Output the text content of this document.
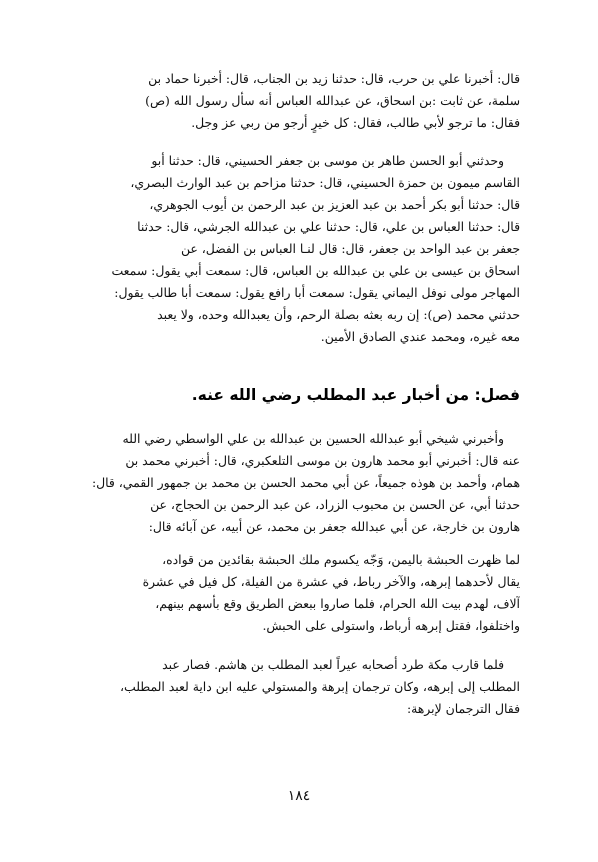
قال: أخبرنا علي بن حرب، قال: حدثنا زيد بن الجناب، قال: أخبرنا حماد بن
سلمة، عن ثابت :بن اسحاق، عن عبدالله العباس أنه سأل رسول الله (ص)
فقال: ما ترجو لأبي طالب، فقال: كل خيرٍ أرجو من ربي عز وجل.
وحدثني أبو الحسن طاهر بن موسى بن جعفر الحسيني، قال: حدثنا أبو
القاسم ميمون بن حمزة الحسيني، قال: حدثنا مزاحم بن عبد الوارث البصري،
قال: حدثنا أبو بكر أحمد بن عبد العزيز بن عبد الرحمن بن أيوب الجوهري،
قال: حدثنا العباس بن علي، قال: حدثنا علي بن عبدالله الجرشي، قال: حدثنا
جعفر بن عبد الواحد بن جعفر، قال: قال لنـا العباس بن الفضل، عن
اسحاق بن عيسى بن علي بن عبدالله بن العباس، قال: سمعت أبي يقول: سمعت
المهاجر مولى نوفل اليماني يقول: سمعت أبا رافع يقول: سمعت أبا طالب يقول:
حدثني محمد (ص): إن ربه بعثه بصلة الرحم، وأن يعبدالله وحده، ولا يعبد
معه غيره، ومحمد عندي الصادق الأمين.
فصل: من أخبار عبد المطلب رضي الله عنه.
وأخبرني شيخي أبو عبدالله الحسين بن عبدالله بن علي الواسطي رضي الله
عنه قال: أخبرني أبو محمد هارون بن موسى التلعكبري، قال: أخبرني محمد بن
همام، وأحمد بن هوذه جميعاً، عن أبي محمد الحسن بن محمد بن جمهور القمي، قال:
حدثنا أبي، عن الحسن بن محبوب الزراد، عن عبد الرحمن بن الحجاج، عن
هارون بن خارجة، عن أبي عبدالله جعفر بن محمد، عن أبيه، عن آبائه قال:
لما ظهرت الحبشة باليمن، وَجّه يكسوم ملك الحبشة بقائدين من قواده،
يقال لأحدهما إبرهه، والآخر رباط، في عشرة من الفيلة، كل فيل في عشرة
آلاف، لهدم بيت الله الحرام، فلما صاروا ببعض الطريق وقع بأسهم بينهم،
واختلفوا، فقتل إبرهه أرباط، واستولى على الحبش.
فلما قارب مكة طرد أصحابه عيراً لعبد المطلب بن هاشم. فصار عبد
المطلب إلى إبرهه، وكان ترجمان إبرهة والمستولي عليه ابن داية لعبد المطلب،
فقال الترجمان لإبرهة:
١٨٤
